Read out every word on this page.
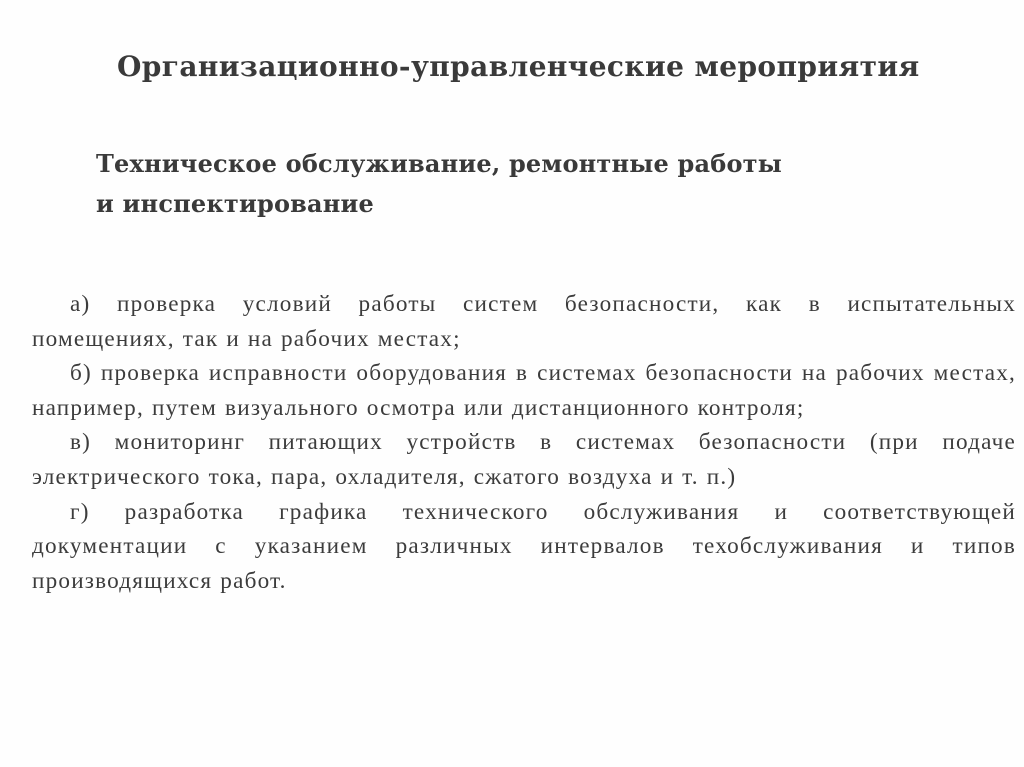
Организационно-управленческие мероприятия
Техническое обслуживание, ремонтные работы
и инспектирование
а) проверка условий работы систем безопасности, как в испытательных помещениях, так и на рабочих местах;
б) проверка исправности оборудования в системах безопасности на рабочих местах, например, путем визуального осмотра или дистанционного контроля;
в) мониторинг питающих устройств в системах безопасности (при подаче электрического тока, пара, охладителя, сжатого воздуха и т. п.)
г) разработка графика технического обслуживания и соответствующей документации с указанием различных интервалов техобслуживания и типов производящихся работ.
